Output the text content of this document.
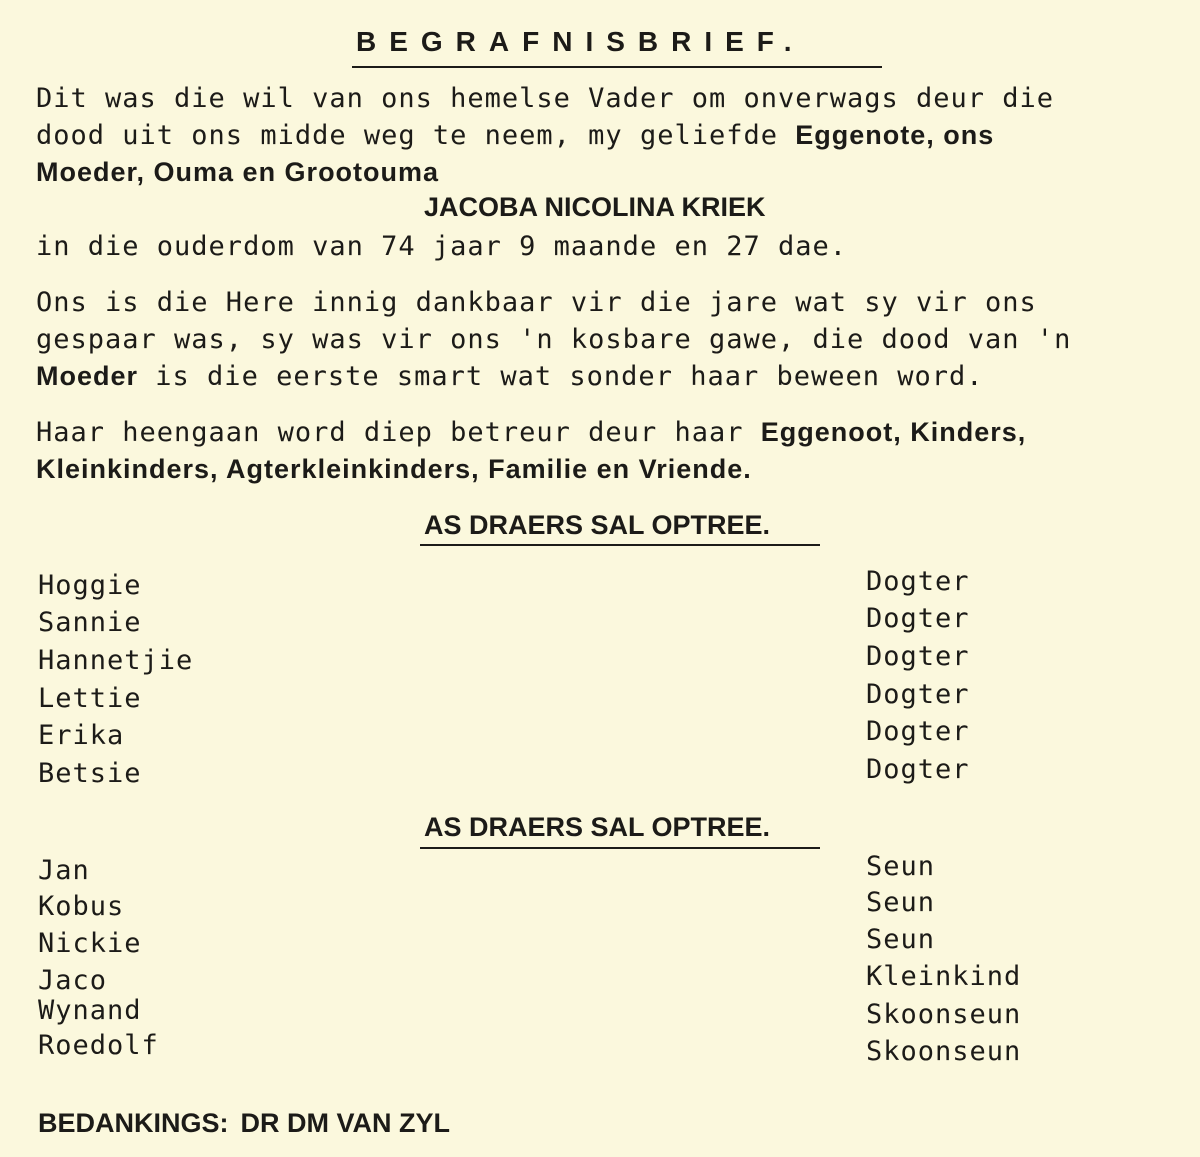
BEGRAFNISBRIEF.
Dit was die wil van ons hemelse Vader om onverwags deur die
dood uit ons midde weg te neem, my geliefde Eggenote, ons
Moeder, Ouma en Grootouma
JACOBA NICOLINA KRIEK
in die ouderdom van 74 jaar 9 maande en 27 dae.
Ons is die Here innig dankbaar vir die jare wat sy vir ons
gespaar was, sy was vir ons 'n kosbare gawe, die dood van 'n
Moeder is die eerste smart wat sonder haar beween word.
Haar heengaan word diep betreur deur haar Eggenoot, Kinders,
Kleinkinders, Agterkleinkinders, Familie en Vriende.
AS DRAERS SAL OPTREE.
Hoggie	Dogter
Sannie	Dogter
Hannetjie	Dogter
Lettie	Dogter
Erika	Dogter
Betsie	Dogter
AS DRAERS SAL OPTREE.
Jan	Seun
Kobus	Seun
Nickie	Seun
Jaco	Kleinkind
Wynand	Skoonseun
Roedolf	Skoonseun
BEDANKINGS: DR DM VAN ZYL
